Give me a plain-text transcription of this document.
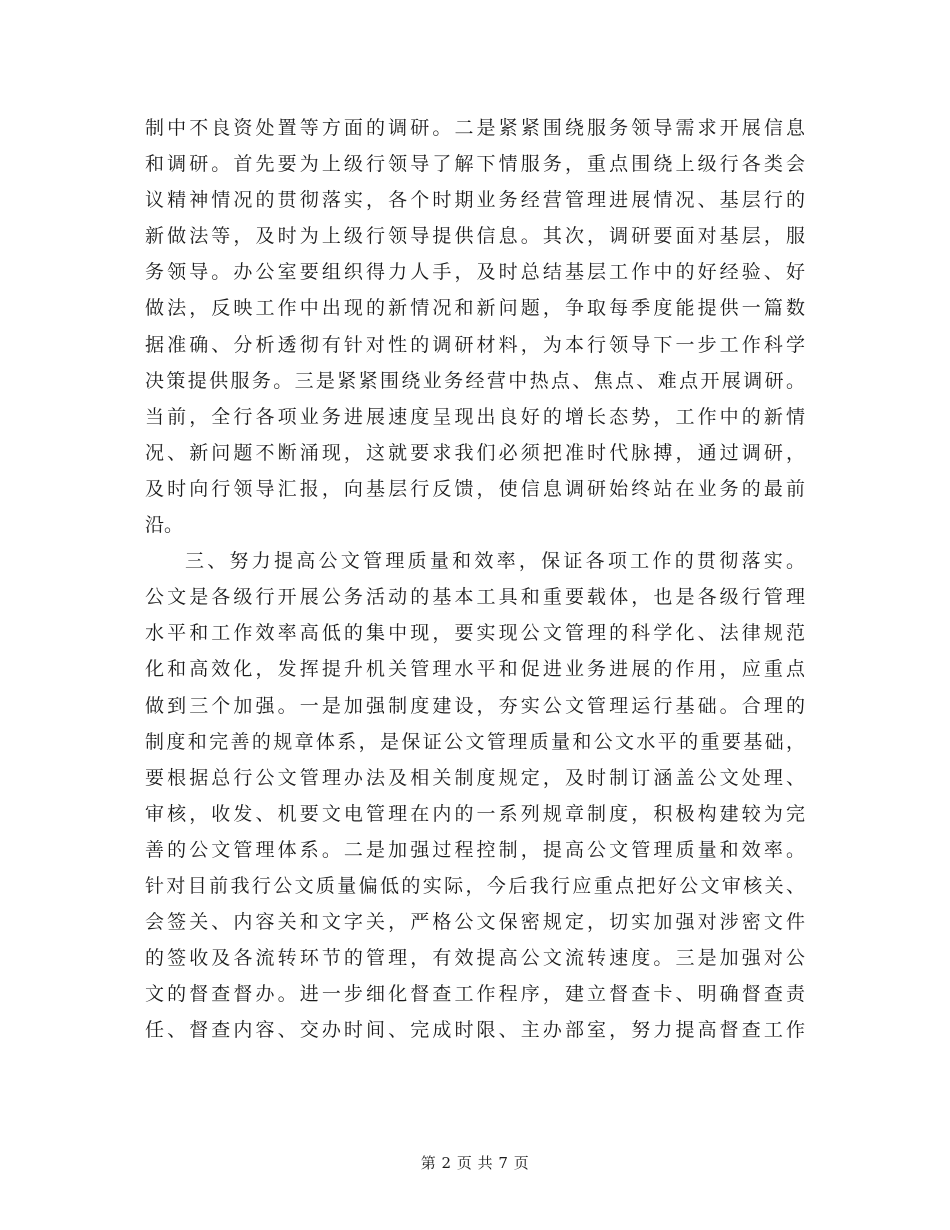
制中不良资处置等方面的调研。二是紧紧围绕服务领导需求开展信息
和调研。首先要为上级行领导了解下情服务，重点围绕上级行各类会
议精神情况的贯彻落实，各个时期业务经营管理进展情况、基层行的
新做法等，及时为上级行领导提供信息。其次，调研要面对基层，服
务领导。办公室要组织得力人手，及时总结基层工作中的好经验、好
做法，反映工作中出现的新情况和新问题，争取每季度能提供一篇数
据准确、分析透彻有针对性的调研材料，为本行领导下一步工作科学
决策提供服务。三是紧紧围绕业务经营中热点、焦点、难点开展调研。
当前，全行各项业务进展速度呈现出良好的增长态势，工作中的新情
况、新问题不断涌现，这就要求我们必须把准时代脉搏，通过调研，
及时向行领导汇报，向基层行反馈，使信息调研始终站在业务的最前
沿。
三、努力提高公文管理质量和效率，保证各项工作的贯彻落实。
公文是各级行开展公务活动的基本工具和重要载体，也是各级行管理
水平和工作效率高低的集中现，要实现公文管理的科学化、法律规范
化和高效化，发挥提升机关管理水平和促进业务进展的作用，应重点
做到三个加强。一是加强制度建设，夯实公文管理运行基础。合理的
制度和完善的规章体系，是保证公文管理质量和公文水平的重要基础，
要根据总行公文管理办法及相关制度规定，及时制订涵盖公文处理、
审核，收发、机要文电管理在内的一系列规章制度，积极构建较为完
善的公文管理体系。二是加强过程控制，提高公文管理质量和效率。
针对目前我行公文质量偏低的实际，今后我行应重点把好公文审核关、
会签关、内容关和文字关，严格公文保密规定，切实加强对涉密文件
的签收及各流转环节的管理，有效提高公文流转速度。三是加强对公
文的督查督办。进一步细化督查工作程序，建立督查卡、明确督查责
任、督查内容、交办时间、完成时限、主办部室，努力提高督查工作
第 2 页 共 7 页
